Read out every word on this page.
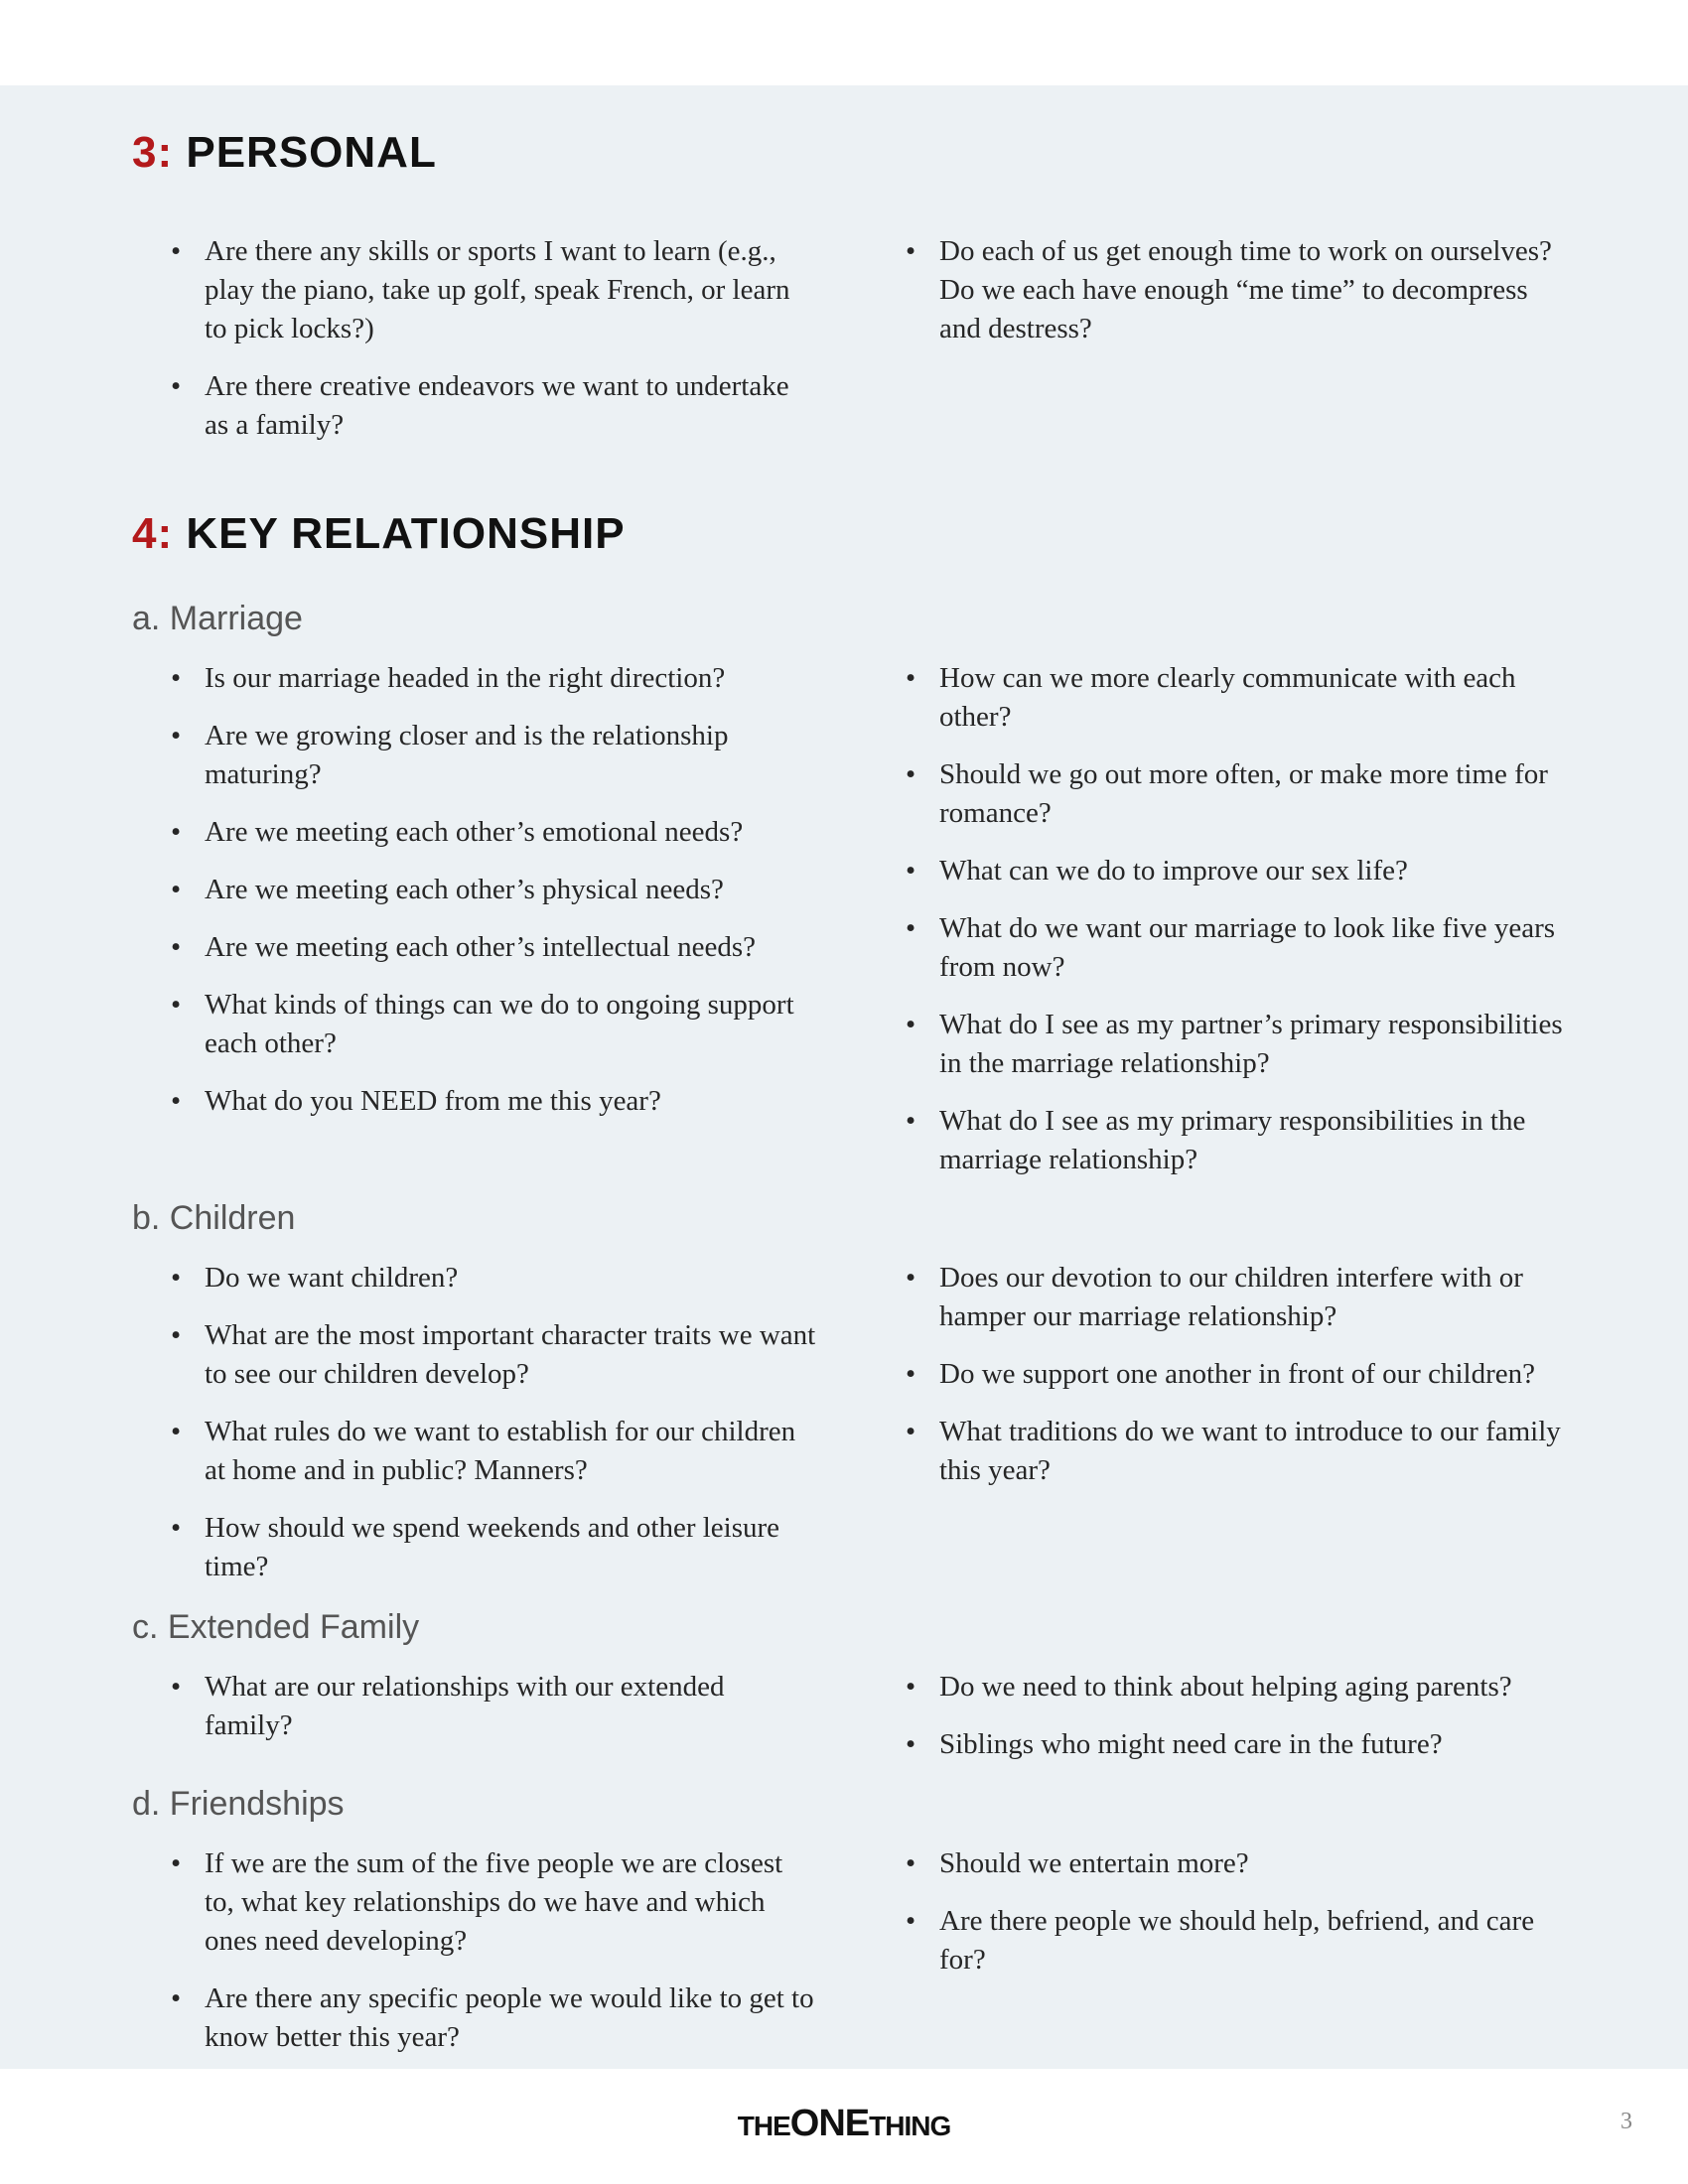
3: PERSONAL
• Are there any skills or sports I want to learn (e.g., play the piano, take up golf, speak French, or learn to pick locks?)
• Are there creative endeavors we want to undertake as a family?
• Do each of us get enough time to work on ourselves? Do we each have enough “me time” to decompress and destress?
4: KEY RELATIONSHIP
a. Marriage
• Is our marriage headed in the right direction?
• Are we growing closer and is the relationship maturing?
• Are we meeting each other’s emotional needs?
• Are we meeting each other’s physical needs?
• Are we meeting each other’s intellectual needs?
• What kinds of things can we do to ongoing support each other?
• What do you NEED from me this year?
• How can we more clearly communicate with each other?
• Should we go out more often, or make more time for romance?
• What can we do to improve our sex life?
• What do we want our marriage to look like five years from now?
• What do I see as my partner’s primary responsibilities in the marriage relationship?
• What do I see as my primary responsibilities in the marriage relationship?
b. Children
• Do we want children?
• What are the most important character traits we want to see our children develop?
• What rules do we want to establish for our children at home and in public? Manners?
• How should we spend weekends and other leisure time?
• Does our devotion to our children interfere with or hamper our marriage relationship?
• Do we support one another in front of our children?
• What traditions do we want to introduce to our family this year?
c. Extended Family
• What are our relationships with our extended family?
• Do we need to think about helping aging parents?
• Siblings who might need care in the future?
d. Friendships
• If we are the sum of the five people we are closest to, what key relationships do we have and which ones need developing?
• Are there any specific people we would like to get to know better this year?
• Should we entertain more?
• Are there people we should help, befriend, and care for?
THEONETHING	3
